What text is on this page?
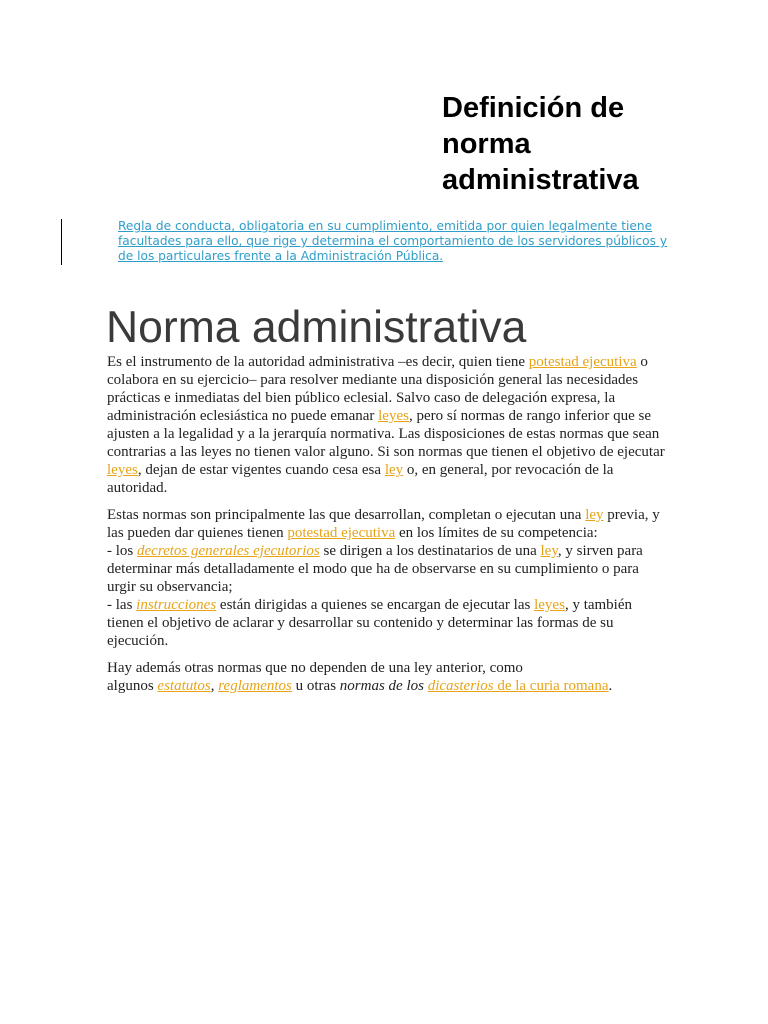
Definición de
norma
administrativa

Regla de conducta, obligatoria en su cumplimiento, emitida por quien legalmente tiene
facultades para ello, que rige y determina el comportamiento de los servidores públicos y
de los particulares frente a la Administración Pública.

Norma administrativa

Es el instrumento de la autoridad administrativa –es decir, quien tiene potestad ejecutiva o colabora en su ejercicio– para resolver mediante una disposición general las necesidades prácticas e inmediatas del bien público eclesial. Salvo caso de delegación expresa, la administración eclesiástica no puede emanar leyes, pero sí normas de rango inferior que se ajusten a la legalidad y a la jerarquía normativa. Las disposiciones de estas normas que sean contrarias a las leyes no tienen valor alguno. Si son normas que tienen el objetivo de ejecutar leyes, dejan de estar vigentes cuando cesa esa ley o, en general, por revocación de la autoridad.

Estas normas son principalmente las que desarrollan, completan o ejecutan una ley previa, y las pueden dar quienes tienen potestad ejecutiva en los límites de su competencia:
- los decretos generales ejecutorios se dirigen a los destinatarios de una ley, y sirven para determinar más detalladamente el modo que ha de observarse en su cumplimiento o para urgir su observancia;
- las instrucciones están dirigidas a quienes se encargan de ejecutar las leyes, y también tienen el objetivo de aclarar y desarrollar su contenido y determinar las formas de su ejecución.

Hay además otras normas que no dependen de una ley anterior, como
algunos estatutos, reglamentos u otras normas de los dicasterios de la curia romana.
